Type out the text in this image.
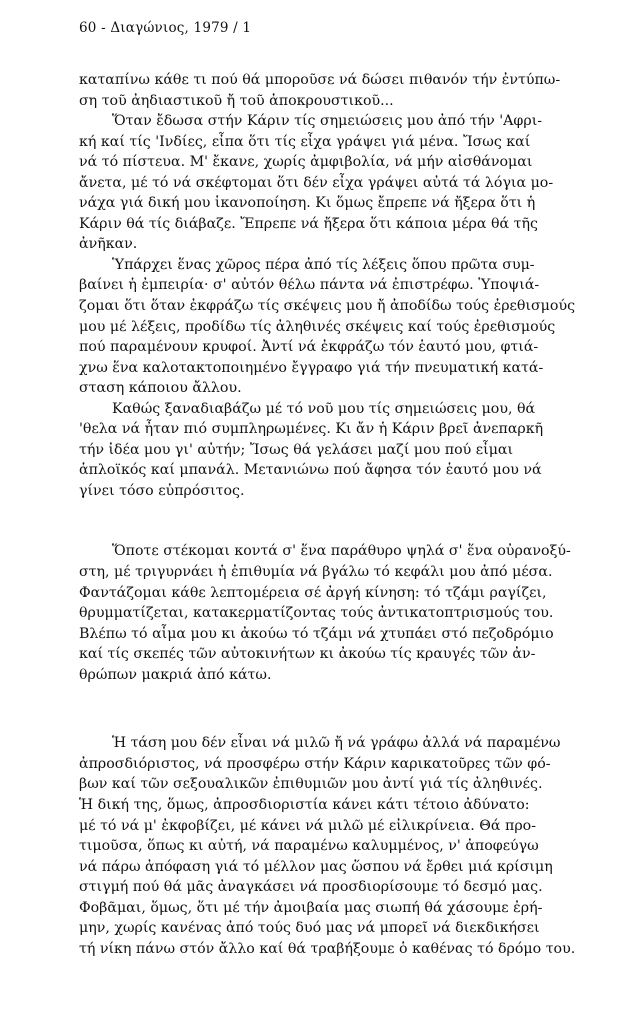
60 - Διαγώνιος, 1979 / 1
καταπίνω κάθε τι πού θά μποροῦσε νά δώσει πιθανόν τήν ἐντύπω-
ση τοῦ ἀηδιαστικοῦ ἤ τοῦ ἀποκρουστικοῦ...
Ὅταν ἔδωσα στήν Κάριν τίς σημειώσεις μου ἀπό τήν 'Αφρι-
κή καί τίς 'Ινδίες, εἶπα ὅτι τίς εἶχα γράψει γιά μένα. Ἴσως καί
νά τό πίστευα. Μ' ἔκανε, χωρίς ἀμφιβολία, νά μήν αἰσθάνομαι
ἄνετα, μέ τό νά σκέφτομαι ὅτι δέν εἶχα γράψει αὐτά τά λόγια μο-
νάχα γιά δική μου ἱκανοποίηση. Κι ὅμως ἔπρεπε νά ἤξερα ὅτι ἡ
Κάριν θά τίς διάβαζε. Ἔπρεπε νά ἤξερα ὅτι κάποια μέρα θά τῆς
ἀνῆκαν.
Ὑπάρχει ἕνας χῶρος πέρα ἀπό τίς λέξεις ὅπου πρῶτα συμ-
βαίνει ἡ ἐμπειρία· σ' αὐτόν θέλω πάντα νά ἐπιστρέφω. Ὑποψιά-
ζομαι ὅτι ὅταν ἐκφράζω τίς σκέψεις μου ἤ ἀποδίδω τούς ἐρεθισμούς
μου μέ λέξεις, προδίδω τίς ἀληθινές σκέψεις καί τούς ἐρεθισμούς
πού παραμένουν κρυφοί. Ἀντί νά ἐκφράζω τόν ἑαυτό μου, φτιά-
χνω ἕνα καλοτακτοποιημένο ἔγγραφο γιά τήν πνευματική κατά-
σταση κάποιου ἄλλου.
Καθώς ξαναδιαβάζω μέ τό νοῦ μου τίς σημειώσεις μου, θά
'θελα νά ἦταν πιό συμπληρωμένες. Κι ἄν ἡ Κάριν βρεῖ ἀνεπαρκῆ
τήν ἰδέα μου γι' αὐτήν; Ἴσως θά γελάσει μαζί μου πού εἶμαι
ἁπλοϊκός καί μπανάλ. Μετανιώνω πού ἄφησα τόν ἑαυτό μου νά
γίνει τόσο εὐπρόσιτος.
Ὅποτε στέκομαι κοντά σ' ἕνα παράθυρο ψηλά σ' ἕνα οὐρανοξύ-
στη, μέ τριγυρνάει ἡ ἐπιθυμία νά βγάλω τό κεφάλι μου ἀπό μέσα.
Φαντάζομαι κάθε λεπτομέρεια σέ ἀργή κίνηση: τό τζάμι ραγίζει,
θρυμματίζεται, κατακερματίζοντας τούς ἀντικατοπτρισμούς του.
Βλέπω τό αἷμα μου κι ἀκούω τό τζάμι νά χτυπάει στό πεζοδρόμιο
καί τίς σκεπές τῶν αὐτοκινήτων κι ἀκούω τίς κραυγές τῶν ἀν-
θρώπων μακριά ἀπό κάτω.
Ἡ τάση μου δέν εἶναι νά μιλῶ ἤ νά γράφω ἀλλά νά παραμένω
ἀπροσδιόριστος, νά προσφέρω στήν Κάριν καρικατοῦρες τῶν φό-
βων καί τῶν σεξουαλικῶν ἐπιθυμιῶν μου ἀντί γιά τίς ἀληθινές.
Ἡ δική της, ὅμως, ἀπροσδιοριστία κάνει κάτι τέτοιο ἀδύνατο:
μέ τό νά μ' ἐκφοβίζει, μέ κάνει νά μιλῶ μέ εἰλικρίνεια. Θά προ-
τιμοῦσα, ὅπως κι αὐτή, νά παραμένω καλυμμένος, ν' ἀποφεύγω
νά πάρω ἀπόφαση γιά τό μέλλον μας ὥσπου νά ἔρθει μιά κρίσιμη
στιγμή πού θά μᾶς ἀναγκάσει νά προσδιορίσουμε τό δεσμό μας.
Φοβᾶμαι, ὅμως, ὅτι μέ τήν ἀμοιβαία μας σιωπή θά χάσουμε ἐρή-
μην, χωρίς κανένας ἀπό τούς δυό μας νά μπορεῖ νά διεκδικήσει
τή νίκη πάνω στόν ἄλλο καί θά τραβήξουμε ὁ καθένας τό δρόμο του.
